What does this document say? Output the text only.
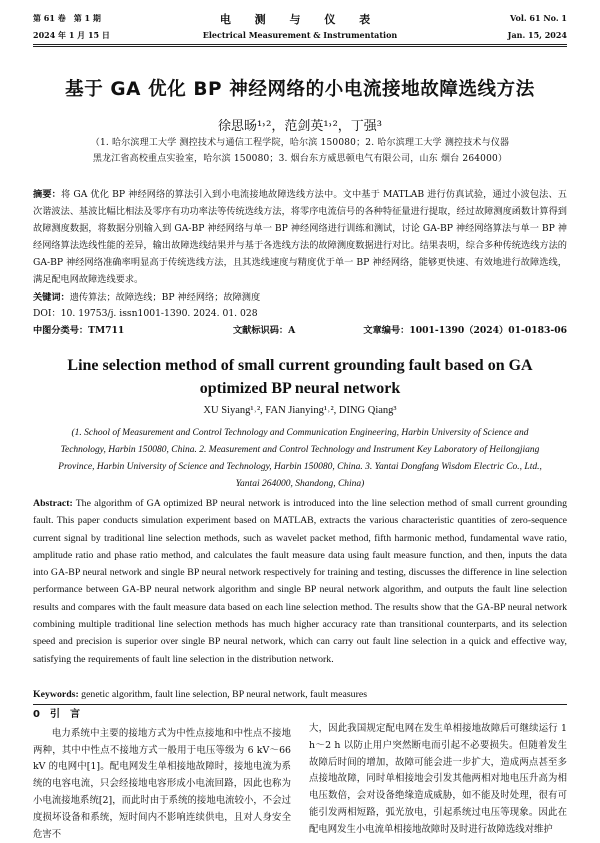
第 61 卷　第 1 期	电 测 与 仪 表	Vol. 61 No. 1
2024 年 1 月 15 日	Electrical Measurement & Instrumentation	Jan. 15, 2024
基于 GA 优化 BP 神经网络的小电流接地故障选线方法
徐思旸¹˒²，范剑英¹˒²，丁强³
（1. 哈尔滨理工大学 测控技术与通信工程学院，哈尔滨 150080；2. 哈尔滨理工大学 测控技术与仪器
黑龙江省高校重点实验室，哈尔滨 150080；3. 烟台东方威思顿电气有限公司，山东 烟台 264000）
摘要：将 GA 优化 BP 神经网络的算法引入到小电流接地故障选线方法中。文中基于 MATLAB 进行仿真试验，通过小波包法、五次谐波法、基波比幅比相法及零序有功功率法等传统选线方法，将零序电流信号的各种特征量进行提取，经过故障测度函数计算得到故障测度数据，将数据分别输入到 GA-BP 神经网络与单一 BP 神经网络进行训练和测试，讨论 GA-BP 神经网络算法与单一 BP 神经网络算法选线性能的差异，输出故障选线结果并与基于各选线方法的故障测度数据进行对比。结果表明，综合多种传统选线方法的 GA-BP 神经网络准确率明显高于传统选线方法，且其选线速度与精度优于单一 BP 神经网络，能够更快速、有效地进行故障选线，满足配电网故障选线要求。
关键词：遗传算法；故障选线；BP 神经网络；故障测度
DOI：10. 19753/j. issn1001-1390. 2024. 01. 028
中图分类号：TM711	文献标识码：A	文章编号：1001-1390（2024）01-0183-06
Line selection method of small current grounding fault based on GA optimized BP neural network
XU Siyang¹˒², FAN Jianying¹˒², DING Qiang³
(1. School of Measurement and Control Technology and Communication Engineering, Harbin University of Science and Technology, Harbin 150080, China. 2. Measurement and Control Technology and Instrument Key Laboratory of Heilongjiang Province, Harbin University of Science and Technology, Harbin 150080, China. 3. Yantai Dongfang Wisdom Electric Co., Ltd., Yantai 264000, Shandong, China)
Abstract: The algorithm of GA optimized BP neural network is introduced into the line selection method of small current grounding fault. This paper conducts simulation experiment based on MATLAB, extracts the various characteristic quantities of zero-sequence current signal by traditional line selection methods, such as wavelet packet method, fifth harmonic method, fundamental wave ratio, amplitude ratio and phase ratio method, and calculates the fault measure data using fault measure function, and then, inputs the data into GA-BP neural network and single BP neural network respectively for training and testing, discusses the difference in line selection performance between GA-BP neural network algorithm and single BP neural network algorithm, and outputs the fault line selection results and compares with the fault measure data based on each line selection method. The results show that the GA-BP neural network combining multiple traditional line selection methods has much higher accuracy rate than transitional counterparts, and its selection speed and precision is superior over single BP neural network, which can carry out fault line selection in a quick and effective way, satisfying the requirements of fault line selection in the distribution network.
Keywords: genetic algorithm, fault line selection, BP neural network, fault measures
0　引　言
电力系统中主要的接地方式为中性点接地和中性点不接地两种，其中中性点不接地方式一般用于电压等级为 6 kV～66 kV 的电网中[1]。配电网发生单相接地故障时，接地电流为系统的电容电流，只会经接地电容形成小电流回路，因此也称为小电流接地系统[2]，而此时由于系统的接地电流较小，不会过度损坏设备和系统，短时间内不影响连续供电，且对人身安全危害不
大，因此我国规定配电网在发生单相接地故障后可继续运行 1 h～2 h 以防止用户突然断电而引起不必要损失。但随着发生故障后时间的增加，故障可能会进一步扩大，造成两点甚至多点接地故障，同时单相接地会引发其他两相对地电压升高为相电压数倍，会对设备绝缘造成威胁，如不能及时处理，很有可能引发两相短路，弧光放电，引起系统过电压等现象。因此在配电网发生小电流单相接地故障时及时进行故障选线对维护
